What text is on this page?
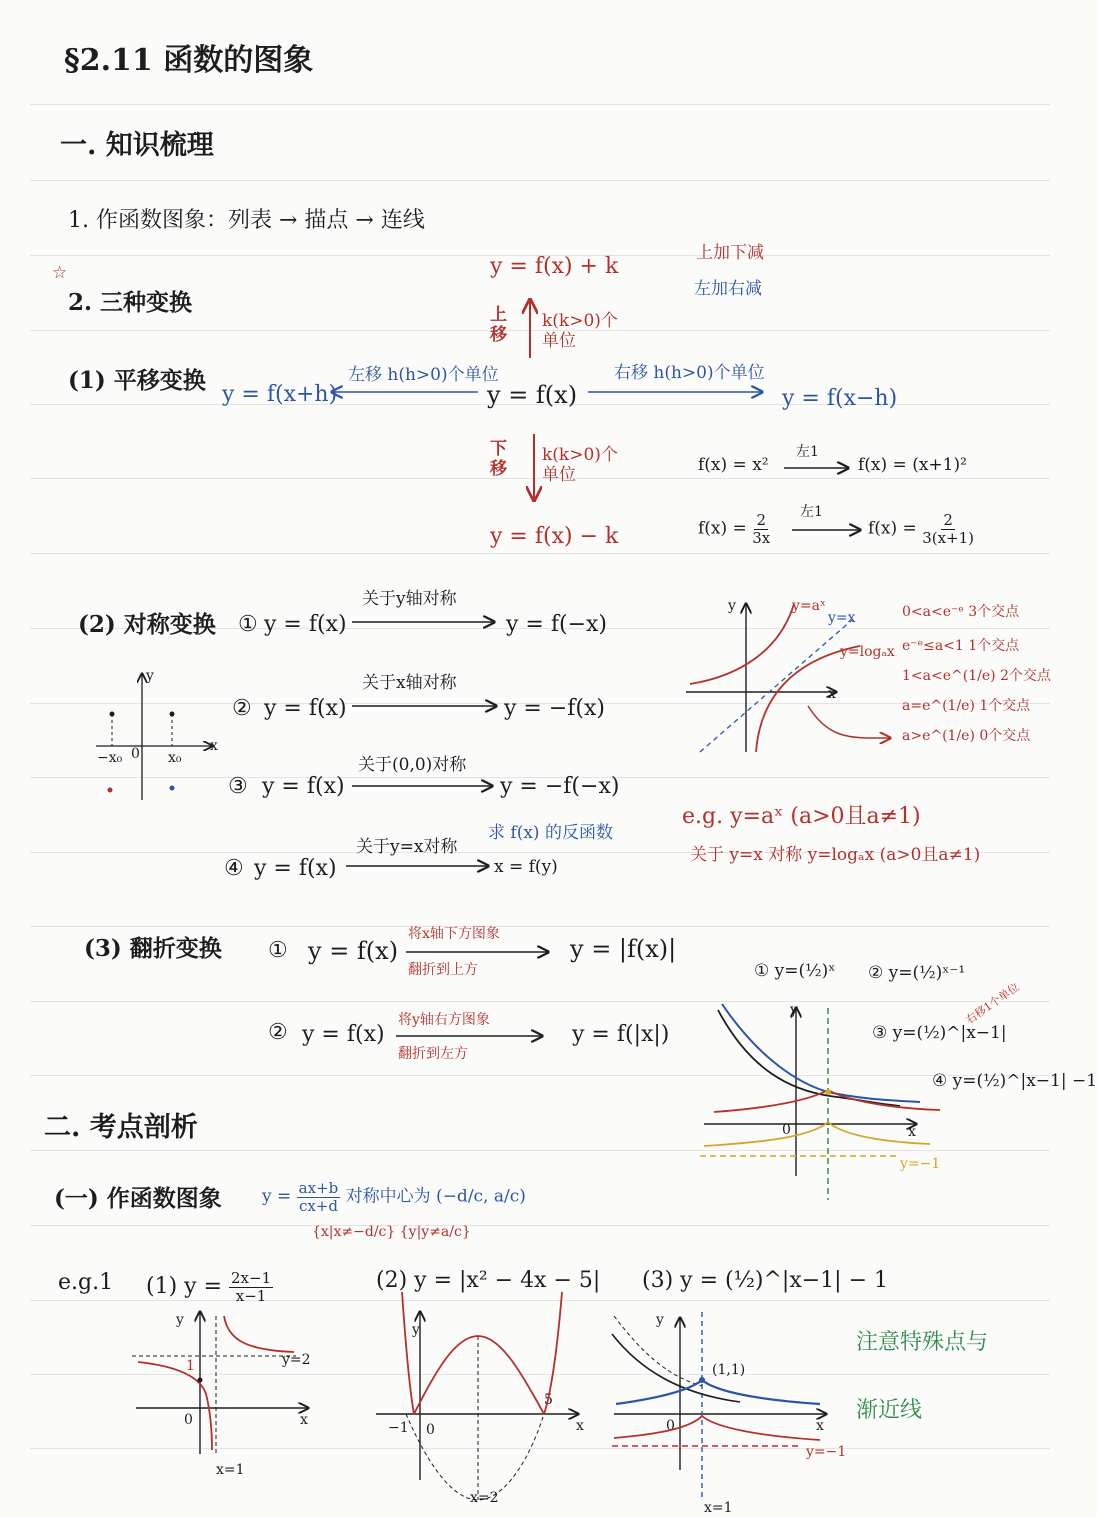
§2.11 函数的图象
一. 知识梳理
1. 作函数图象：列表 → 描点 → 连线
☆
2. 三种变换
(1) 平移变换
y = f(x) + k
上移
k(k>0)个单位
y = f(x)
下移
k(k>0)个单位
y = f(x) − k
y = f(x+h)
左移 h(h>0)个单位	右移 h(h>0)个单位
y = f(x−h)
上加下减
左加右减
f(x) = x²
左1
f(x) = (x+1)²
$f(x) = \frac{2}{3x}$ 左1
$f(x) = \frac{2}{3(x+1)}$
(2) 对称变换 ① y = f(x)
关于y轴对称
y = f(−x)
② y = f(x)
关于x轴对称
y = −f(x)
③ y = f(x)
关于(0,0)对称
y = −f(−x)
④ y = f(x)
关于y=x对称
x = f(y)
求 f(x) 的反函数
y
x
0
−x₀	x₀
y	y=aˣ
y=x
y=logₐx
x
0<a<e⁻ᵉ 3个交点
e⁻ᵉ≤a<1 1个交点
1<a<e^(1/e) 2个交点
a=e^(1/e) 1个交点
a>e^(1/e) 0个交点
e.g. y=aˣ (a>0且a≠1)
关于 y=x 对称 y=logₐx (a>0且a≠1)
(3) 翻折变换 ① y = f(x)
将x轴下方图象
翻折到上方
y = |f(x)|
② y = f(x)
将y轴右方图象
翻折到左方
y = f(|x|)
① y=(½)ˣ ② y=(½)ˣ⁻¹
右移1个单位
③ y=(½)^|x−1|
④ y=(½)^|x−1| −1
y
x
0
y=−1
二. 考点剖析
(一) 作函数图象 $y = \frac{ax+b}{cx+d}$ 对称中心为 (−d/c, a/c)
{x|x≠−d/c} {y|y≠a/c}
e.g.1 (1) $y = \frac{2x-1}{x-1}$	(2) y = |x² − 4x − 5| (3) y = (½)^|x−1| − 1
y
x
0
1	y=2
x=1
y
x
−1 0
5
x=2
y
x
0
(1,1)
y=−1
x=1
注意特殊点与
渐近线
